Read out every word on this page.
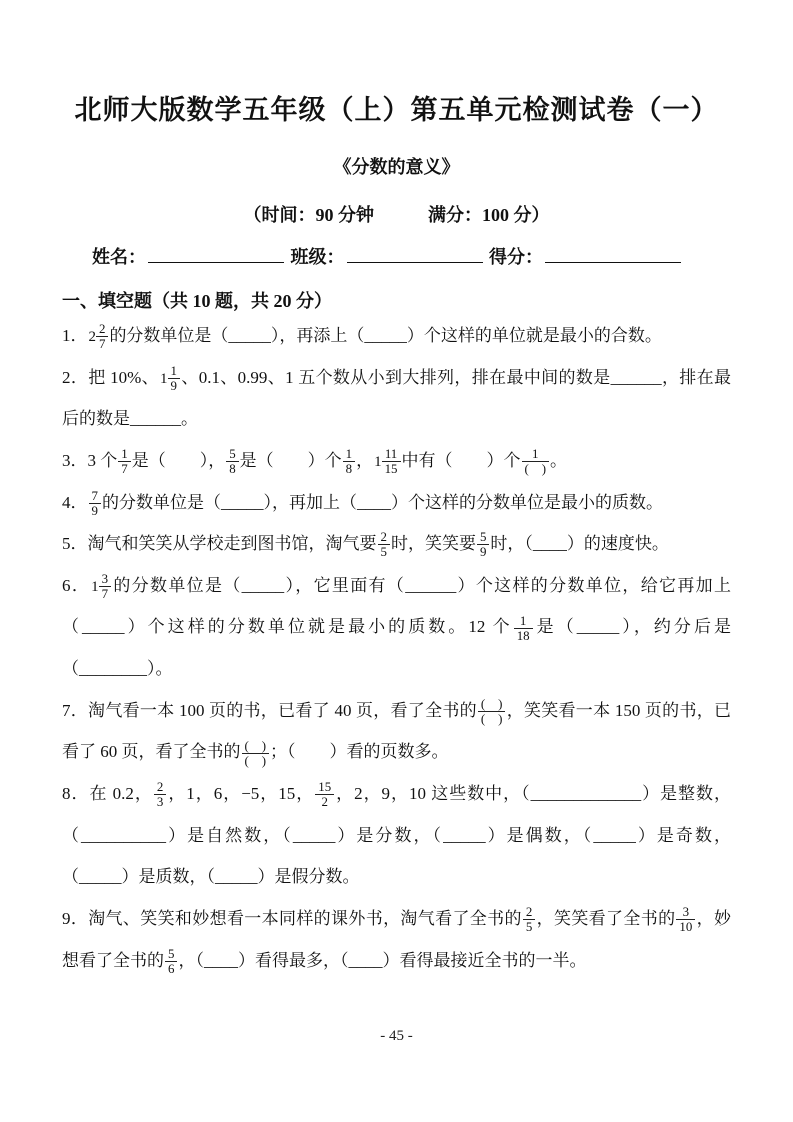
北师大版数学五年级（上）第五单元检测试卷（一）
《分数的意义》
（时间：90 分钟　　　满分：100 分）
姓名：	班级：	得分：
一、填空题（共 10 题，共 20 分）

1．$2 \frac{2}{7}$ 的分数单位是（_____），再添上（_____）个这样的单位就是最小的合数。

2．把 10%、$1 \frac{1}{9}$ 、0.1、0.99、1 五个数从小到大排列，排在最中间的数是______，排在最后的数是______。

3．3 个 $\frac{1}{7}$ 是（　　）， $\frac{5}{8}$ 是（　　）个 $\frac{1}{8}$ ，$1 \frac{11}{15}$ 中有（　　）个 $\frac{1}{( )}$ 。

4． $\frac{7}{9}$ 的分数单位是（_____），再加上（____）个这样的分数单位是最小的质数。

5．淘气和笑笑从学校走到图书馆，淘气要 $\frac{2}{5}$ 时，笑笑要 $\frac{5}{9}$ 时，（____）的速度快。

6．$1 \frac{3}{7}$ 的分数单位是（_____），它里面有（______）个这样的分数单位，给它再加上（_____）个这样的分数单位就是最小的质数。12 个 $\frac{1}{18}$ 是（_____），约分后是（________）。

7．淘气看一本 100 页的书，已看了 40 页，看了全书的 $\frac{( )}{( )}$ ，笑笑看一本 150 页的书，已看了 60 页，看了全书的 $\frac{( )}{( )}$ ；（　　）看的页数多。

8．在 0.2， $\frac{2}{3}$ ，1，6，−5，15， $\frac{15}{2}$ ，2，9，10 这些数中，（_____________）是整数，（__________）是自然数，（_____）是分数，（_____）是偶数，（_____）是奇数，（_____）是质数，（_____）是假分数。

9．淘气、笑笑和妙想看一本同样的课外书，淘气看了全书的 $\frac{2}{5}$ ，笑笑看了全书的 $\frac{3}{10}$ ，妙想看了全书的 $\frac{5}{6}$ ，（____）看得最多，（____）看得最接近全书的一半。

- 45 -
